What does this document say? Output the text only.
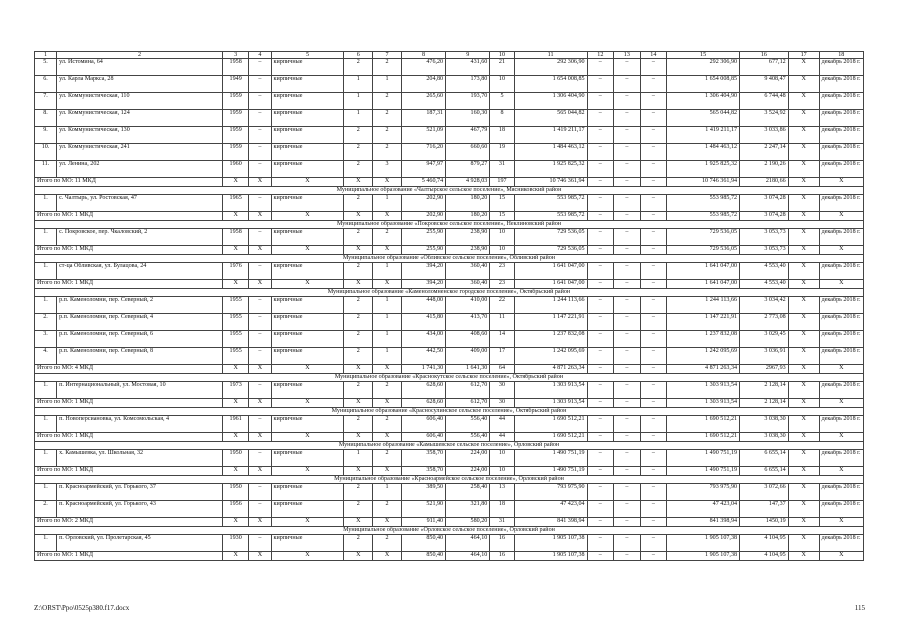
1	2	3	4	5	6	7	8	9	10	11	12	13	14	15	16	17	18
5.	ул. Истомина, 64	1958	–	кирпичные	2	2	476,20	431,60	21	292 306,90	–	–	–	292 306,90	677,12	X	декабрь 2018 г.
6.	ул. Карла Маркса, 28	1949	–	кирпичные	1	1	204,80	173,80	10	1 654 008,85	–	–	–	1 654 008,85	9 408,47	X	декабрь 2018 г.
7.	ул. Коммунистическая, 110	1959	–	кирпичные	1	2	265,60	193,70	5	1 306 404,90	–	–	–	1 306 404,90	6 744,48	X	декабрь 2018 г.
8.	ул. Коммунистическая, 124	1959	–	кирпичные	1	2	187,31	160,30	8	565 044,82	–	–	–	565 044,82	3 524,92	X	декабрь 2018 г.
9.	ул. Коммунистическая, 130	1959	–	кирпичные	2	2	521,09	467,79	18	1 419 211,17	–	–	–	1 419 211,17	3 033,86	X	декабрь 2018 г.
10.	ул. Коммунистическая, 241	1959	–	кирпичные	2	2	716,20	660,60	19	1 484 463,12	–	–	–	1 484 463,12	2 247,14	X	декабрь 2018 г.
11.	ул. Ленина, 202	1960	–	кирпичные	2	3	947,97	879,27	31	1 925 825,32	–	–	–	1 925 825,32	2 190,26	X	декабрь 2018 г.
Итого по МО: 11 МКД		X	X	X	X	X	5 460,74	4 928,03	197	10 746 361,94	–	–	–	10 746 361,94	2180,66	X	X
Муниципальное образование «Чалтырское сельское поселение», Мясниковский район																	
1.	с. Чалтырь, ул. Ростовская, 47	1965	–	кирпичные	2	1	202,90	180,20	15	553 985,72	–	–	–	553 985,72	3 074,28	X	декабрь 2018 г.
Итого по МО: 1 МКД		X	X	X	X	X	202,90	180,20	15	553 985,72	–	–	–	553 985,72	3 074,28	X	X
Муниципальное образование «Покровское сельское поселение», Неклиновский район																	
1.	с. Покровское, пер. Чкаловский, 2	1958	–	кирпичные	2	2	255,90	238,90	10	729 536,05	–	–	–	729 536,05	3 053,73	X	декабрь 2018 г.
Итого по МО: 1 МКД		X	X	X	X	X	255,90	238,90	10	729 536,05	–	–	–	729 536,05	3 053,73	X	X
Муниципальное образование «Обливское сельское поселение», Обливский район																	
1.	ст-ца Обливская, ул. Булацова, 24	1976	–	кирпичные	2	1	394,20	360,40	23	1 641 047,00	–	–	–	1 641 047,00	4 553,40	X	декабрь 2018 г.
Итого по МО: 1 МКД		X	X	X	X	X	394,20	360,40	23	1 641 047,00	–	–	–	1 641 047,00	4 553,40	X	X
Муниципальное образование «Каменоломненское городское поселение», Октябрьский район																	
1.	р.п. Каменоломни, пер. Северный, 2	1955	–	кирпичные	2	1	448,00	410,00	22	1 244 113,66	–	–	–	1 244 113,66	3 034,42	X	декабрь 2018 г.
2.	р.п. Каменоломни, пер. Северный, 4	1955	–	кирпичные	2	1	415,80	413,70	11	1 147 221,91	–	–	–	1 147 221,91	2 773,08	X	декабрь 2018 г.
3.	р.п. Каменоломни, пер. Северный, 6	1955	–	кирпичные	2	1	434,00	408,60	14	1 237 832,08	–	–	–	1 237 832,08	3 029,45	X	декабрь 2018 г.
4.	р.п. Каменоломни, пер. Северный, 8	1955	–	кирпичные	2	1	442,50	409,00	17	1 242 095,69	–	–	–	1 242 095,69	3 036,91	X	декабрь 2018 г.
Итого по МО: 4 МКД		X	X	X	X	X	1 741,30	1 641,30	64	4 871 263,34	–	–	–	4 871 263,34	2967,93	X	X
Муниципальное образование «Краснокутское сельское поселение», Октябрьский район																	
1.	п. Интернациональный, ул. Мостовая, 10	1973	–	кирпичные	2	2	628,60	612,70	30	1 303 913,54	–	–	–	1 303 913,54	2 128,14	X	декабрь 2018 г.
Итого по МО: 1 МКД		X	X	X	X	X	628,60	612,70	30	1 303 913,54	–	–	–	1 303 913,54	2 128,14	X	X
Муниципальное образование «Красносулинское сельское поселение», Октябрьский район																	
1.	п. Новоперсиановка, ул. Комсомольская, 4	1961	–	кирпичные	2	2	606,40	556,40	44	1 690 512,21	–	–	–	1 690 512,21	3 038,30	X	декабрь 2018 г.
Итого по МО: 1 МКД		X	X	X	X	X	606,40	556,40	44	1 690 512,21	–	–	–	1 690 512,21	3 038,30	X	X
Муниципальное образование «Камышевское сельское поселение», Орловский район																	
1.	х. Камышевка, ул. Школьная, 32	1950	–	кирпичные	1	2	358,70	224,00	10	1 490 751,19	–	–	–	1 490 751,19	6 655,14	X	декабрь 2018 г.
Итого по МО: 1 МКД		X	X	X	X	X	358,70	224,00	10	1 490 751,19	–	–	–	1 490 751,19	6 655,14	X	X
Муниципальное образование «Красноармейское сельское поселение», Орловский район																	
1.	п. Красноармейский, ул. Горького, 37	1950	–	кирпичные	2	1	389,50	258,40	13	793 975,90	–	–	–	793 975,90	3 072,66	X	декабрь 2018 г.
2.	п. Красноармейский, ул. Горького, 43	1956	–	кирпичные	2	2	521,90	321,80	18	47 423,04	–	–	–	47 423,04	147,37	X	декабрь 2018 г.
Итого по МО: 2 МКД		X	X	X	X	X	911,40	580,20	31	841 398,94	–	–	–	841 398,94	1450,19	X	X
Муниципальное образование «Орловское сельское поселение», Орловский район																	
1.	п. Орловский, ул. Пролетарская, 45	1930	–	кирпичные	2	2	850,40	464,10	16	1 905 107,38	–	–	–	1 905 107,38	4 104,95	X	декабрь 2018 г.
Итого по МО: 1 МКД		X	X	X	X	X	850,40	464,10	16	1 905 107,38	–	–	–	1 905 107,38	4 104,95	X	X
Z:\ORST\Ppo\0525p380.f17.docx	115
